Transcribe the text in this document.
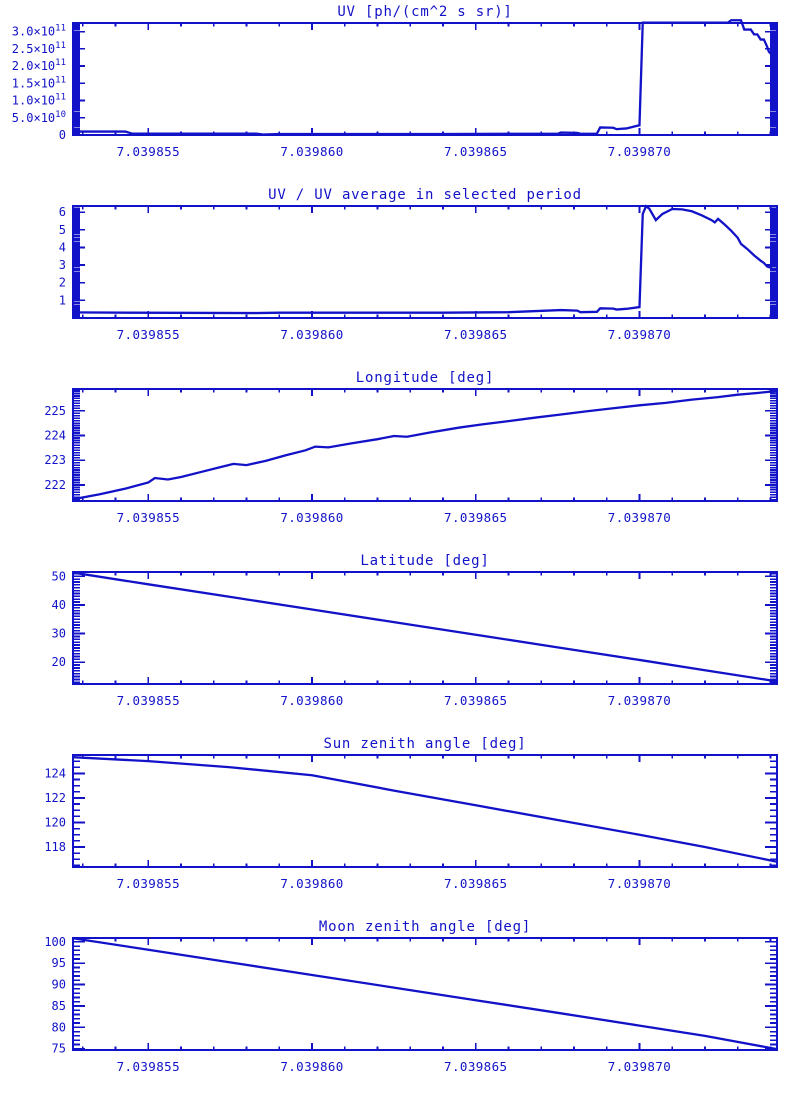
UV [ph/(cm^2 s sr)]
7.039855	7.039860	7.039865	7.039870
$3.0\times 10^{11}$
$2.5\times 10^{11}$
$2.0\times 10^{11}$
$1.5\times 10^{11}$
$1.0\times 10^{11}$
$5.0\times 10^{10}$
0
UV / UV average in selected period
7.039855	7.039860	7.039865	7.039870
6
5
4
3
2
1
Longitude [deg]
7.039855	7.039860	7.039865	7.039870
225
224
223
222
Latitude [deg]
7.039855	7.039860	7.039865	7.039870
50
40
30
20
Sun zenith angle [deg]
7.039855	7.039860	7.039865	7.039870
124
122
120
118
Moon zenith angle [deg]
7.039855	7.039860	7.039865	7.039870
100
95
90
85
80
75
